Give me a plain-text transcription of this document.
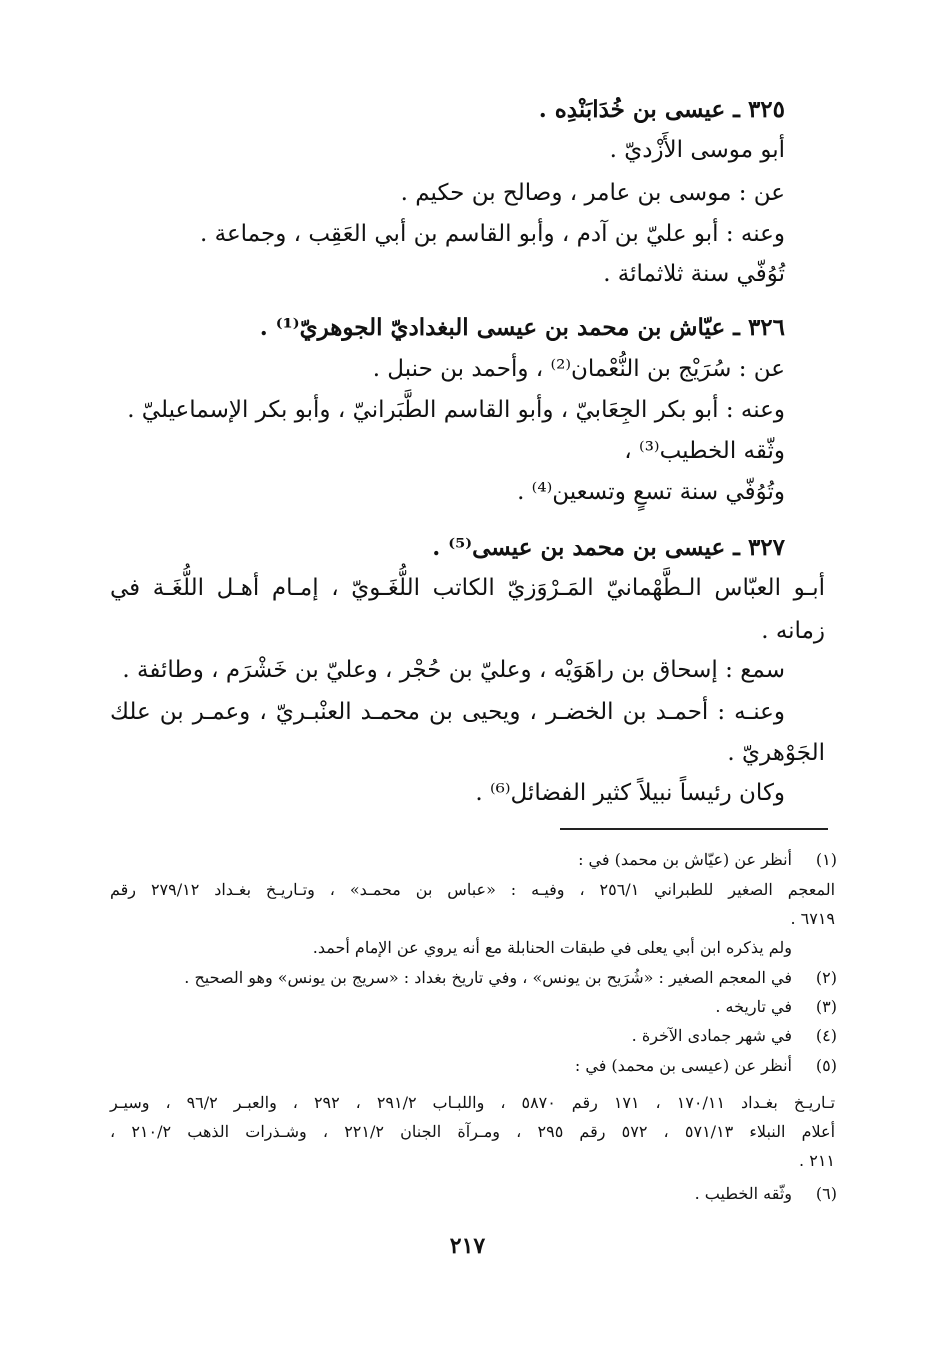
٣٢٥ ـ عيسى بن خُدَابَنْدِه .
أبو موسى الأَزْديّ .
عن : موسى بن عامر ، وصالح بن حكيم .
وعنه : أبو عليّ بن آدم ، وأبو القاسم بن أبي العَقِب ، وجماعة .
تُوُفّي سنة ثلاثمائة .
٣٢٦ ـ عيّاش بن محمد بن عيسى البغداديّ الجوهريّ⁽¹⁾ .
عن : سُرَيْج بن النُّعْمان⁽²⁾ ، وأحمد بن حنبل .
وعنه : أبو بكر الجِعَابيّ ، وأبو القاسم الطَّبَرانيّ ، وأبو بكر الإسماعيليّ .
وثّقه الخطيب⁽³⁾ ،
وتُوُفّي سنة تسعٍ وتسعين⁽⁴⁾ .
٣٢٧ ـ عيسى بن محمد بن عيسى⁽⁵⁾ .
أبـو العبّاس الـطَّهْمانيّ المَـرْوَزيّ الكاتب اللُّغَـويّ ، إمـام أهـل اللُّغَـة في
زمانه .
سمع : إسحاق بن راهَوَيْه ، وعليّ بن حُجْر ، وعليّ بن خَشْرَم ، وطائفة .
وعنـه : أحمـد بن الخضـر ، ويحيى بن محمـد العنْبـريّ ، وعمـر بن علك
الجَوْهريّ .
وكان رئيساً نبيلاً كثير الفضائل⁽⁶⁾ .
(١)
أنظر عن (عيّاش بن محمد) في :
المعجم الصغير للطبراني ٢٥٦/١ ، وفيـه : «عباس بن محمـد» ، وتـاريـخ بغـداد ٢٧٩/١٢ رقم
٦٧١٩ .
ولم يذكره ابن أبي يعلى في طبقات الحنابلة مع أنه يروي عن الإمام أحمد.
(٢)
في المعجم الصغير : «شُرَيح بن يونس» ، وفي تاريخ بغداد : «سريج بن يونس» وهو الصحيح .
(٣)
في تاريخه .
(٤)
في شهر جمادى الآخرة .
(٥)
أنظر عن (عيسى بن محمد) في :
تـاريـخ بغـداد ١٧٠/١١ ، ١٧١ رقم ٥٨٧٠ ، واللبـاب ٢٩١/٢ ، ٢٩٢ ، والعبـر ٩٦/٢ ، وسيـر
أعلام النبلاء ٥٧١/١٣ ، ٥٧٢ رقم ٢٩٥ ، ومـرآة الجنان ٢٢١/٢ ، وشـذرات الذهب ٢١٠/٢ ،
٢١١ .
(٦)
وثّقه الخطيب .
٢١٧
